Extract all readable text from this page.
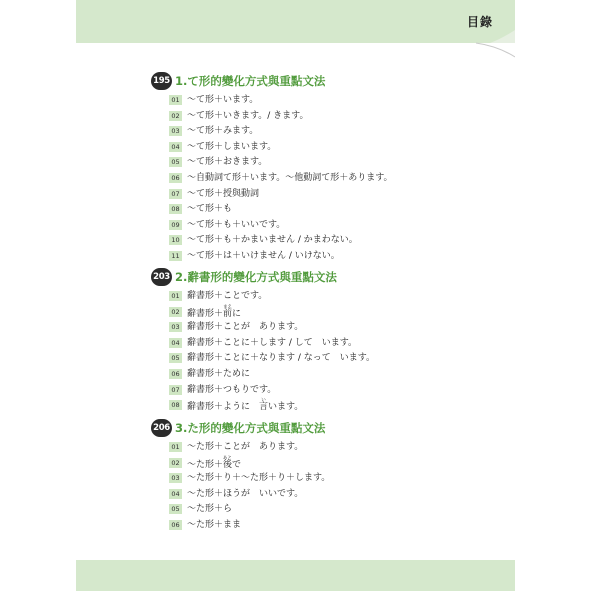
目錄
195 1.て形的變化方式與重點文法
01 〜て形＋います。
02 〜て形＋いきます。/ きます。
03 〜て形＋みます。
04 〜て形＋しまいます。
05 〜て形＋おきます。
06 〜自動詞て形＋います。〜他動詞て形＋あります。
07 〜て形＋授與動詞
08 〜て形＋も
09 〜て形＋も＋いいです。
10 〜て形＋も＋かまいません / かまわない。
11 〜て形＋は＋いけません / いけない。
203 2.辭書形的變化方式與重點文法
01 辭書形＋ことです。
02 辭書形＋前まえに
03 辭書形＋ことが　あります。
04 辭書形＋ことに＋します / して　います。
05 辭書形＋ことに＋なります / なって　います。
06 辭書形＋ために
07 辭書形＋つもりです。
08 辭書形＋ように　言いいます。
206 3.た形的變化方式與重點文法
01 〜た形＋ことが　あります。
02 〜た形＋後あとで
03 〜た形＋り＋〜た形＋り＋します。
04 〜た形＋ほうが　いいです。
05 〜た形＋ら
06 〜た形＋まま
